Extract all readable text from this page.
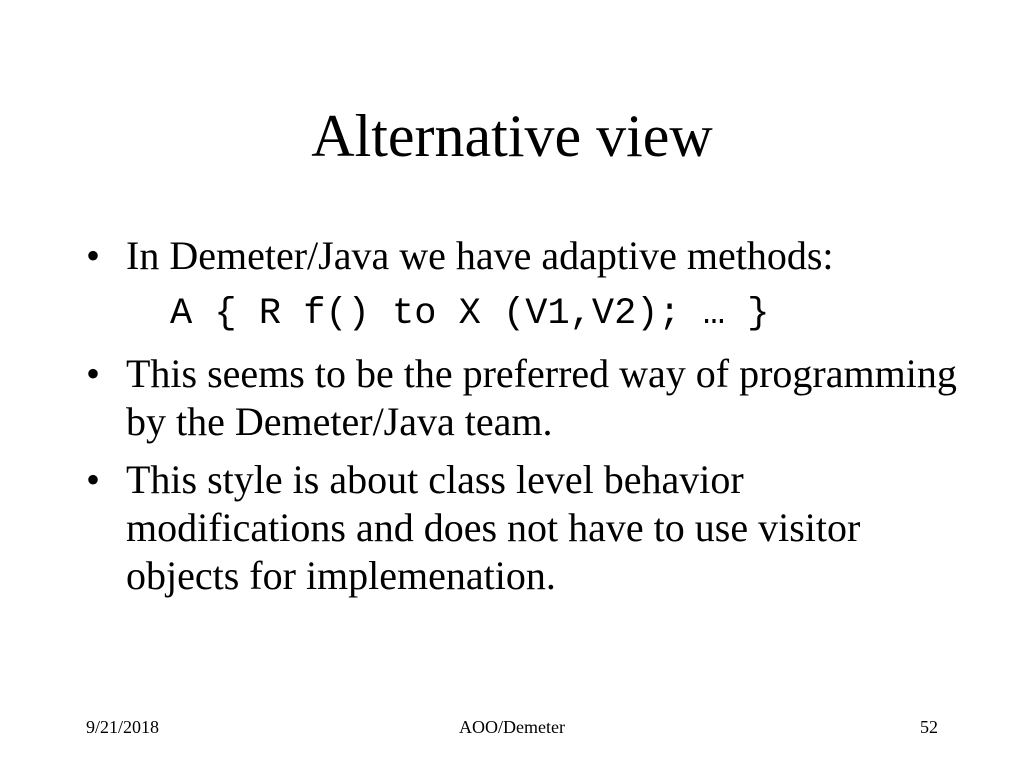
Alternative view
• In Demeter/Java we have adaptive methods:
A { R f() to X (V1,V2); … }
• This seems to be the preferred way of programming by the Demeter/Java team.
• This style is about class level behavior modifications and does not have to use visitor objects for implemenation.
9/21/2018	AOO/Demeter	52
